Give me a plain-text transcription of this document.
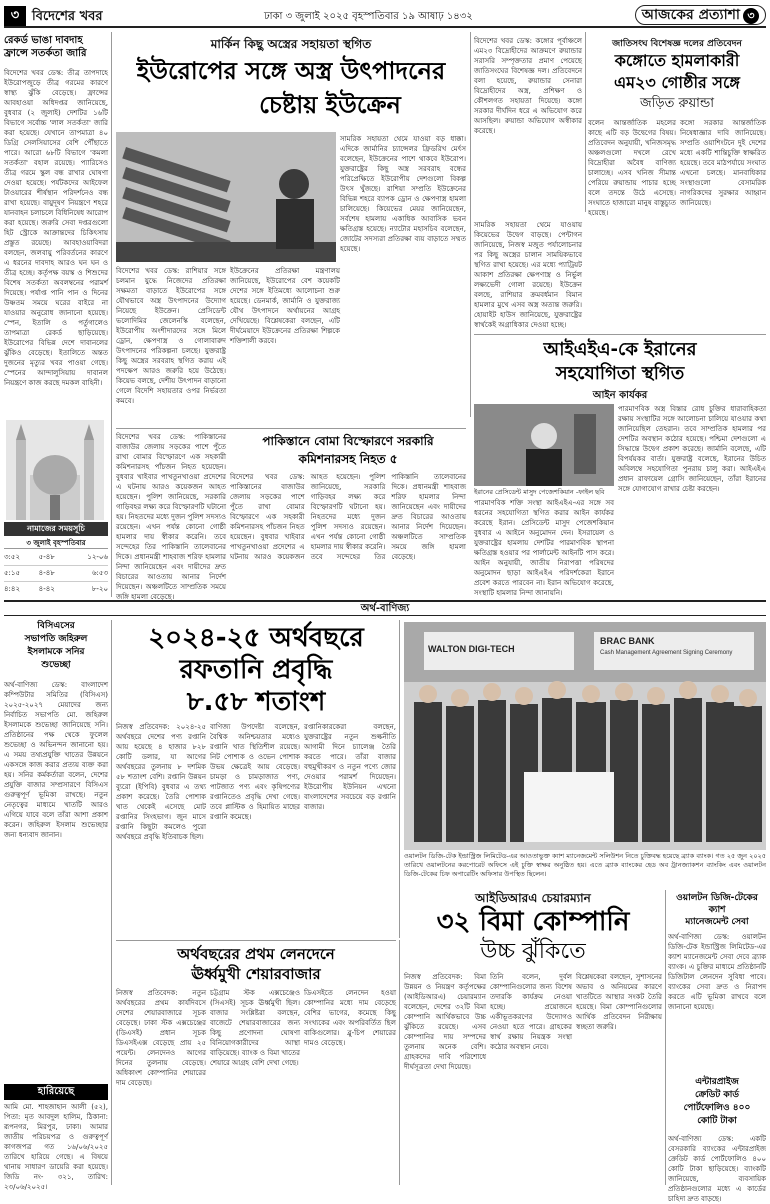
৩ বিদেশের খবর	ঢাকা ৩ জুলাই ২০২৫ বৃহস্পতিবার ১৯ আষাঢ় ১৪৩২	আজকের প্রত্যাশা ৩
রেকর্ড ভাঙা দাবদাহ ফ্রান্সে সতর্কতা জারি
বিদেশের খবর ডেস্ক: তীব্র তাপদাহে ইউরোপজুড়ে তীব্র গরমের কারণে স্বাস্থ্য ঝুঁকি বেড়েছে। ফ্রান্সের আবহাওয়া অধিদপ্তর জানিয়েছে, বুধবার (২ জুলাই) দেশটির ১৬টি বিভাগে সর্বোচ্চ 'লাল সতর্কতা' জারি করা হয়েছে। যেখানে তাপমাত্রা ৪০ ডিগ্রি সেলসিয়াসের বেশি পৌঁছাতে পারে। আরো ৬৮টি বিভাগে 'কমলা সতর্কতা' বহাল রয়েছে। প্যারিসেও তীব্র গরমে স্কুল বন্ধ রাখার ঘোষণা দেওয়া হয়েছে। পর্যটকদের আইফেল টাওয়ারের শীর্ষস্থান পরিদর্শনেও বন্ধ রাখা হয়েছে। বায়ুদূষণ নিয়ন্ত্রণে শহরে যানবাহন চলাচলে বিধিনিষেধ আরোপ করা হয়েছে। জরুরি সেবা দপ্তরগুলো হিট স্ট্রোকে আক্রান্তদের চিকিৎসায় প্রস্তুত রয়েছে। আবহাওয়াবিদরা বলছেন, জলবায়ু পরিবর্তনের কারণে এ ধরনের দাবদাহ আরও ঘন ঘন ও তীব্র হচ্ছে। কর্তৃপক্ষ বয়স্ক ও শিশুদের বিশেষ সতর্কতা অবলম্বনের পরামর্শ দিয়েছে। পর্যাপ্ত পানি পান ও দিনের উষ্ণতম সময়ে ঘরের বাইরে না যাওয়ার অনুরোধ জানানো হয়েছে। স্পেন, ইতালি ও পর্তুগালেও তাপমাত্রা রেকর্ড ছাড়িয়েছে। ইউরোপের বিভিন্ন দেশে দাবানলের ঝুঁকিও বেড়েছে। ইতালিতে অন্তত দুজনের মৃত্যুর খবর পাওয়া গেছে। স্পেনের আন্দালুসিয়ায় দাবানল নিয়ন্ত্রণে কাজ করছে দমকল বাহিনী।
নামাজের সময়সূচি
৩ জুলাই বৃহস্পতিবার
৩:৫২	৫-৪৮	১২-০৬
৫:১৫	৪-৪৮	৬:৫৩
৪:৪২	৪-৪২	৮-২০
মার্কিন কিছু অস্ত্রের সহায়তা স্থগিত
ইউরোপের সঙ্গে অস্ত্র উৎপাদনের
চেষ্টায় ইউক্রেন
বিদেশের খবর ডেস্ক: রাশিয়ার সঙ্গে চলমান যুদ্ধে নিজেদের প্রতিরক্ষা সক্ষমতা বাড়াতে ইউরোপের সঙ্গে যৌথভাবে অস্ত্র উৎপাদনের উদ্যোগ নিয়েছে ইউক্রেন। প্রেসিডেন্ট ভলোদিমির জেলেনস্কি বলেছেন, ইউরোপীয় অংশীদারদের সঙ্গে মিলে ড্রোন, ক্ষেপণাস্ত্র ও গোলাবারুদ উৎপাদনের পরিকল্পনা চলছে। যুক্তরাষ্ট্র কিছু অস্ত্রের সরবরাহ স্থগিত করায় এই পদক্ষেপ আরও জরুরি হয়ে উঠেছে। কিয়েভ বলছে, দেশীয় উৎপাদন বাড়ানো গেলে বিদেশি সহায়তার ওপর নির্ভরতা কমবে।
ইউক্রেনের প্রতিরক্ষা মন্ত্রণালয় জানিয়েছে, ইউরোপের বেশ কয়েকটি দেশের সঙ্গে ইতিমধ্যে আলোচনা শুরু হয়েছে। ডেনমার্ক, জার্মানি ও যুক্তরাজ্য যৌথ উৎপাদনে অর্থায়নের আগ্রহ দেখিয়েছে। বিশ্লেষকেরা বলছেন, এটি দীর্ঘমেয়াদে ইউক্রেনের প্রতিরক্ষা শিল্পকে শক্তিশালী করবে।
সামরিক সহায়তা থেমে যাওয়া বড় ধাক্কা। এদিকে জার্মানির চ্যান্সেলর ফ্রিডরিখ মের্ৎস বলেছেন, ইউক্রেনের পাশে থাকবে ইউরোপ। যুক্তরাষ্ট্রের কিছু অস্ত্র সরবরাহ বন্ধের পরিপ্রেক্ষিতে ইউরোপীয় দেশগুলো বিকল্প উৎস খুঁজছে। রাশিয়া সম্প্রতি ইউক্রেনের বিভিন্ন শহরে ব্যাপক ড্রোন ও ক্ষেপণাস্ত্র হামলা চালিয়েছে। কিয়েভের মেয়র জানিয়েছেন, সর্বশেষ হামলায় একাধিক আবাসিক ভবন ক্ষতিগ্রস্ত হয়েছে। ন্যাটোর মহাসচিব বলেছেন, জোটের সদস্যরা প্রতিরক্ষা ব্যয় বাড়াতে সম্মত হয়েছে।
বিদেশের খবর ডেস্ক: কঙ্গোর পূর্বাঞ্চলে এম২৩ বিদ্রোহীদের আক্রমণে রুয়ান্ডার সরাসরি সম্পৃক্ততার প্রমাণ পেয়েছে জাতিসংঘের বিশেষজ্ঞ দল। প্রতিবেদনে বলা হয়েছে, রুয়ান্ডার সেনারা বিদ্রোহীদের অস্ত্র, প্রশিক্ষণ ও কৌশলগত সহায়তা দিয়েছে। কঙ্গো সরকার দীর্ঘদিন ধরে এ অভিযোগ করে আসছিল। রুয়ান্ডা অভিযোগ অস্বীকার করেছে।
জাতিসংঘ বিশেষজ্ঞ দলের প্রতিবেদন
কঙ্গোতে হামলাকারী
এম২৩ গোষ্ঠীর সঙ্গে
জড়িত রুয়ান্ডা
বলেন আন্তর্জাতিক মহলের কাছে এটি বড় উদ্বেগের বিষয়। প্রতিবেদন অনুযায়ী, খনিজসমৃদ্ধ অঞ্চলগুলো দখলে রেখে বিদ্রোহীরা অবৈধ বাণিজ্য চালাচ্ছে। এসব খনিজ সীমান্ত পেরিয়ে রুয়ান্ডায় পাচার হচ্ছে বলে তদন্তে উঠে এসেছে। সংঘাতে হাজারো মানুষ বাস্তুচ্যুত হয়েছে।
কঙ্গো সরকার আন্তর্জাতিক নিষেধাজ্ঞার দাবি জানিয়েছে। সম্প্রতি ওয়াশিংটনে দুই দেশের মধ্যে একটি শান্তিচুক্তি স্বাক্ষরিত হয়েছে। তবে মাঠপর্যায়ে সংঘাত এখনো চলছে। মানবাধিকার সংস্থাগুলো বেসামরিক নাগরিকদের সুরক্ষার আহ্বান জানিয়েছে।
সামরিক সহায়তা থেমে যাওয়ায় কিয়েভের উদ্বেগ বাড়ছে। পেন্টাগন জানিয়েছে, নিজস্ব মজুত পর্যালোচনার পর কিছু অস্ত্রের চালান সাময়িকভাবে স্থগিত রাখা হয়েছে। এর মধ্যে প্যাট্রিয়ট আকাশ প্রতিরক্ষা ক্ষেপণাস্ত্র ও নির্ভুল লক্ষ্যভেদী গোলা রয়েছে। ইউক্রেন বলছে, রাশিয়ার ক্রমবর্ধমান বিমান হামলার মুখে এসব অস্ত্র অত্যন্ত জরুরি। হোয়াইট হাউস জানিয়েছে, যুক্তরাষ্ট্রের স্বার্থকেই অগ্রাধিকার দেওয়া হচ্ছে।
আইএইএ-কে ইরানের
সহযোগিতা স্থগিত
আইন কার্যকর
ইরানের প্রেসিডেন্ট মাসুদ পেজেশকিয়ান -ফাইল ছবি
পারমাণবিক শক্তি সংস্থা আইএইএ-এর সঙ্গে সব ধরনের সহযোগিতা স্থগিত করার আইন কার্যকর করেছে ইরান। প্রেসিডেন্ট মাসুদ পেজেশকিয়ান বুধবার এ আইনে অনুমোদন দেন। ইসরায়েল ও যুক্তরাষ্ট্রের হামলায় দেশটির পারমাণবিক স্থাপনা ক্ষতিগ্রস্ত হওয়ার পর পার্লামেন্ট আইনটি পাস করে। আইন অনুযায়ী, জাতীয় নিরাপত্তা পরিষদের অনুমোদন ছাড়া আইএইএ পরিদর্শকেরা ইরানে প্রবেশ করতে পারবেন না। ইরান অভিযোগ করেছে, সংস্থাটি হামলার নিন্দা জানায়নি।
পারমাণবিক অস্ত্র বিস্তার রোধ চুক্তির ধারাবাহিকতা রক্ষায় সংস্থাটির সঙ্গে আলোচনা চালিয়ে যাওয়ার কথা জানিয়েছিল তেহরান। তবে সাম্প্রতিক হামলার পর দেশটির অবস্থান কঠোর হয়েছে। পশ্চিমা দেশগুলো এ সিদ্ধান্তে উদ্বেগ প্রকাশ করেছে। জার্মানি বলেছে, এটি বিপর্যয়কর বার্তা। যুক্তরাষ্ট্র বলেছে, ইরানের উচিত অবিলম্বে সহযোগিতা পুনরায় চালু করা। আইএইএ প্রধান রাফায়েল গ্রোসি জানিয়েছেন, তাঁরা ইরানের সঙ্গে যোগাযোগ রাখার চেষ্টা করছেন।
বিদেশের খবর ডেস্ক: পাকিস্তানের বাজাউর জেলায় সড়কের পাশে পুঁতে রাখা বোমার বিস্ফোরণে এক সহকারী কমিশনারসহ পাঁচজন নিহত হয়েছেন। বুধবার খাইবার পাখতুনখাওয়া প্রদেশের এ ঘটনায় আরও কয়েকজন আহত হয়েছেন। পুলিশ জানিয়েছে, সরকারি গাড়িবহর লক্ষ্য করে বিস্ফোরণটি ঘটানো হয়। নিহতদের মধ্যে দুজন পুলিশ সদস্যও রয়েছেন। এখন পর্যন্ত কোনো গোষ্ঠী হামলার দায় স্বীকার করেনি। তবে সন্দেহের তির পাকিস্তানি তালেবানের দিকে। প্রধানমন্ত্রী শাহবাজ শরিফ হামলার নিন্দা জানিয়েছেন এবং দায়ীদের দ্রুত বিচারের আওতায় আনার নির্দেশ দিয়েছেন। অঞ্চলটিতে সাম্প্রতিক সময়ে জঙ্গি হামলা বেড়েছে।
পাকিস্তানে বোমা বিস্ফোরণে সরকারি
কমিশনারসহ নিহত ৫
বিদেশের খবর ডেস্ক: পাকিস্তানের বাজাউর জেলায় সড়কের পাশে পুঁতে রাখা বোমার বিস্ফোরণে এক সহকারী কমিশনারসহ পাঁচজন নিহত হয়েছেন। বুধবার খাইবার পাখতুনখাওয়া প্রদেশের এ ঘটনায় আরও কয়েকজন আহত হয়েছেন। পুলিশ জানিয়েছে, সরকারি গাড়িবহর লক্ষ্য করে বিস্ফোরণটি ঘটানো হয়। নিহতদের মধ্যে দুজন পুলিশ সদস্যও রয়েছেন। এখন পর্যন্ত কোনো গোষ্ঠী হামলার দায় স্বীকার করেনি। তবে সন্দেহের তির পাকিস্তানি তালেবানের দিকে। প্রধানমন্ত্রী শাহবাজ শরিফ হামলার নিন্দা জানিয়েছেন এবং দায়ীদের দ্রুত বিচারের আওতায় আনার নির্দেশ দিয়েছেন। অঞ্চলটিতে সাম্প্রতিক সময়ে জঙ্গি হামলা বেড়েছে।
অর্থ-বাণিজ্য
বিসিএসের
সভাপতি জহিরুল
ইসলামকে সনির
শুভেচ্ছা
অর্থ-বাণিজ্য ডেস্ক: বাংলাদেশ কম্পিউটার সমিতির (বিসিএস) ২০২৫-২০২৭ মেয়াদের জন্য নির্বাচিত সভাপতি মো. জহিরুল ইসলামকে শুভেচ্ছা জানিয়েছে সনি। প্রতিষ্ঠানের পক্ষ থেকে ফুলেল শুভেচ্ছা ও অভিনন্দন জানানো হয়। এ সময় তথ্যপ্রযুক্তি খাতের উন্নয়নে একসঙ্গে কাজ করার প্রত্যয় ব্যক্ত করা হয়। সনির কর্মকর্তারা বলেন, দেশের প্রযুক্তি বাজার সম্প্রসারণে বিসিএস গুরুত্বপূর্ণ ভূমিকা রাখছে। নতুন নেতৃত্বের মাধ্যমে খাতটি আরও এগিয়ে যাবে বলে তাঁরা আশা প্রকাশ করেন। জহিরুল ইসলাম শুভেচ্ছার জন্য ধন্যবাদ জানান।
হারিয়েছে
আমি মো. শাহজাহান আলী (৫২), পিতা: মৃত আবদুল হালিম, ঠিকানা: রূপনগর, মিরপুর, ঢাকা। আমার জাতীয় পরিচয়পত্র ও গুরুত্বপূর্ণ কাগজপত্র গত ১৬/০৬/২০২৫ তারিখে হারিয়ে গেছে। এ বিষয়ে থানায় সাধারণ ডায়েরি করা হয়েছে। জিডি নং- ৩২১, তারিখ: ২৩/০৬/২০২৫।
২০২৪-২৫ অর্থবছরে
রফতানি প্রবৃদ্ধি
৮.৫৮ শতাংশ
নিজস্ব প্রতিবেদক: ২০২৪-২৫ অর্থবছরে দেশের পণ্য রপ্তানি আয় হয়েছে ৪ হাজার ৮২৮ কোটি ডলার, যা আগের অর্থবছরের তুলনায় ৮ দশমিক ৫৮ শতাংশ বেশি। রপ্তানি উন্নয়ন ব্যুরো (ইপিবি) বুধবার এ তথ্য প্রকাশ করেছে। তৈরি পোশাক খাত থেকেই এসেছে মোট রপ্তানির সিংহভাগ। জুন মাসে রপ্তানি কিছুটা কমলেও পুরো অর্থবছরে প্রবৃদ্ধি ইতিবাচক ছিল।
বাণিজ্য উপদেষ্টা বলেছেন, বৈশ্বিক অনিশ্চয়তার মধ্যেও রপ্তানি খাত স্থিতিশীল রয়েছে। নিট পোশাক ও ওভেন পোশাক উভয় ক্ষেত্রেই আয় বেড়েছে। চামড়া ও চামড়াজাত পণ্য, পাটজাত পণ্য এবং কৃষিপণ্যের রপ্তানিতেও প্রবৃদ্ধি দেখা গেছে। তবে প্লাস্টিক ও হিমায়িত মাছের রপ্তানি কমেছে।
রপ্তানিকারকেরা বলছেন, যুক্তরাষ্ট্রের নতুন শুল্কনীতি আগামী দিনে চ্যালেঞ্জ তৈরি করতে পারে। তাঁরা বাজার বহুমুখীকরণ ও নতুন পণ্যে জোর দেওয়ার পরামর্শ দিয়েছেন। ইউরোপীয় ইউনিয়ন এখনো বাংলাদেশের সবচেয়ে বড় রপ্তানি বাজার।
WALTON DIGI-TECH
BRAC BANK
Cash Management Agreement Signing Ceremony
ওয়ালটন ডিজি-টেক ইন্ডাস্ট্রিজ লিমিটেড-এর আওতাভুক্ত ক্যাশ ম্যানেজমেন্ট সলিউশন নিতে চুক্তিবদ্ধ হয়েছে ব্র্যাক ব্যাংক। গত ২৫ জুন ২০২৫ তারিখে ওয়ালটনের করপোরেট অফিসে এই চুক্তি স্বাক্ষর অনুষ্ঠিত হয়। এতে ব্র্যাক ব্যাংকের হেড অব ট্রানজ্যাকশন ব্যাংকিং এবং ওয়ালটন ডিজি-টেকের চিফ অপারেটিং অফিসার উপস্থিত ছিলেন।
আইডিআরএ চেয়ারম্যান
৩২ বিমা কোম্পানি
উচ্চ ঝুঁকিতে
নিজস্ব প্রতিবেদক: বিমা উন্নয়ন ও নিয়ন্ত্রণ কর্তৃপক্ষের (আইডিআরএ) চেয়ারম্যান বলেছেন, দেশের ৩২টি বিমা কোম্পানি আর্থিকভাবে উচ্চ ঝুঁকিতে রয়েছে। এসব কোম্পানির দায় সম্পদের তুলনায় অনেক বেশি। গ্রাহকদের দাবি পরিশোধে দীর্ঘসূত্রতা দেখা দিয়েছে।
তিনি বলেন, দুর্বল কোম্পানিগুলোর জন্য বিশেষ তদারকি কার্যক্রম নেওয়া হচ্ছে। প্রয়োজনে একীভূতকরণের উদ্যোগও নেওয়া হতে পারে। গ্রাহকের স্বার্থ রক্ষায় নিয়ন্ত্রক সংস্থা কঠোর অবস্থান নেবে।
বিশ্লেষকেরা বলছেন, সুশাসনের অভাব ও অনিয়মের কারণে খাতটিতে আস্থার সংকট তৈরি হয়েছে। বিমা কোম্পানিগুলোর আর্থিক প্রতিবেদন নিরীক্ষায় স্বচ্ছতা জরুরি।
ওয়ালটন ডিজি-টেকের
ক্যাশ
ম্যানেজমেন্ট সেবা
অর্থ-বাণিজ্য ডেস্ক: ওয়ালটন ডিজি-টেক ইন্ডাস্ট্রিজ লিমিটেড-এর ক্যাশ ম্যানেজমেন্ট সেবা দেবে ব্র্যাক ব্যাংক। এ চুক্তির মাধ্যমে প্রতিষ্ঠানটি ডিজিটাল লেনদেন সুবিধা পাবে। ব্যাংকের সেবা দ্রুত ও নিরাপদ করতে এটি ভূমিকা রাখবে বলে জানানো হয়েছে।
এন্টারপ্রাইজ
ক্রেডিট কার্ড
পোর্টফোলিও ৪০০
কোটি টাকা
অর্থ-বাণিজ্য ডেস্ক: একটি বেসরকারি ব্যাংকের এন্টারপ্রাইজ ক্রেডিট কার্ড পোর্টফোলিও ৪০০ কোটি টাকা ছাড়িয়েছে। ব্যাংকটি জানিয়েছে, ব্যবসায়িক প্রতিষ্ঠানগুলোর মধ্যে এ কার্ডের চাহিদা দ্রুত বাড়ছে।
অর্থবছরের প্রথম লেনদেনে
ঊর্ধ্বমুখী শেয়ারবাজার
নিজস্ব প্রতিবেদক: নতুন অর্থবছরের প্রথম কার্যদিবসে দেশের শেয়ারবাজারে সূচক বেড়েছে। ঢাকা স্টক এক্সচেঞ্জের (ডিএসই) প্রধান সূচক ডিএসইএক্স বেড়েছে প্রায় ২৫ পয়েন্ট। লেনদেনও আগের দিনের তুলনায় বেড়েছে। অধিকাংশ কোম্পানির শেয়ারের দাম বেড়েছে।
চট্টগ্রাম স্টক এক্সচেঞ্জেও (সিএসই) সূচক ঊর্ধ্বমুখী ছিল। বাজার সংশ্লিষ্টরা বলছেন, বাজেটে শেয়ারবাজারের জন্য কিছু প্রণোদনা ঘোষণা বিনিয়োগকারীদের আস্থা বাড়িয়েছে। ব্যাংক ও বিমা খাতের শেয়ারে আগ্রহ বেশি দেখা গেছে।
ডিএসইতে লেনদেন হওয়া কোম্পানির মধ্যে দাম বেড়েছে বেশির ভাগের, কমেছে কিছু সংখ্যকের এবং অপরিবর্তিত ছিল বাকিগুলোর। ব্লু-চিপ শেয়ারের দামও বেড়েছে।
